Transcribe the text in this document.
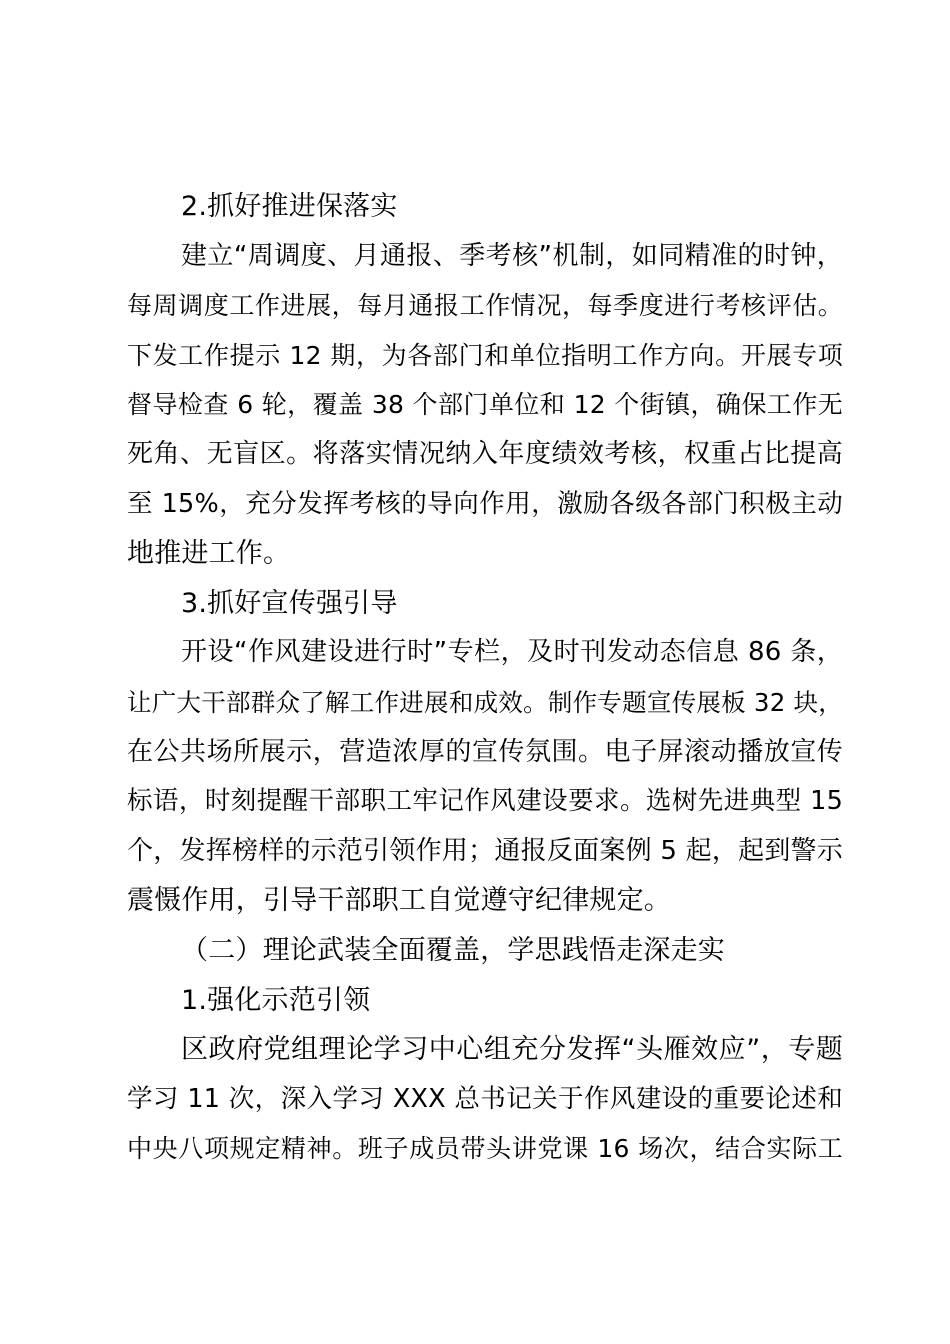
2.抓好推进保落实
建立“周调度、月通报、季考核”机制，如同精准的时钟，
每周调度工作进展，每月通报工作情况，每季度进行考核评估。
下发工作提示 12 期，为各部门和单位指明工作方向。开展专项
督导检查 6 轮，覆盖 38 个部门单位和 12 个街镇，确保工作无
死角、无盲区。将落实情况纳入年度绩效考核，权重占比提高
至 15%，充分发挥考核的导向作用，激励各级各部门积极主动
地推进工作。
3.抓好宣传强引导
开设“作风建设进行时”专栏，及时刊发动态信息 86 条，
让广大干部群众了解工作进展和成效。制作专题宣传展板 32 块，
在公共场所展示，营造浓厚的宣传氛围。电子屏滚动播放宣传
标语，时刻提醒干部职工牢记作风建设要求。选树先进典型 15
个，发挥榜样的示范引领作用；通报反面案例 5 起，起到警示
震慑作用，引导干部职工自觉遵守纪律规定。
（二）理论武装全面覆盖，学思践悟走深走实
1.强化示范引领
区政府党组理论学习中心组充分发挥“头雁效应”，专题
学习 11 次，深入学习 XXX 总书记关于作风建设的重要论述和
中央八项规定精神。班子成员带头讲党课 16 场次，结合实际工
